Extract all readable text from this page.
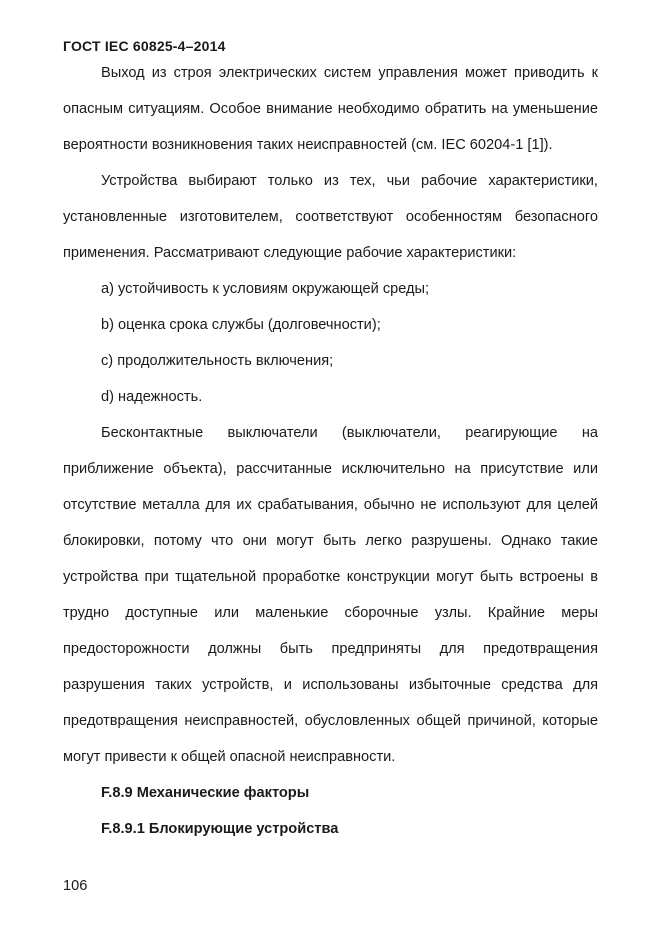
ГОСТ IEC 60825-4–2014

Выход из строя электрических систем управления может приводить к опасным ситуациям. Особое внимание необходимо обратить на уменьшение вероятности возникновения таких неисправностей (см. IEC 60204-1 [1]).

Устройства выбирают только из тех, чьи рабочие характеристики, установленные изготовителем, соответствуют особенностям безопасного применения. Рассматривают следующие рабочие характеристики:

a) устойчивость к условиям окружающей среды;

b) оценка срока службы (долговечности);

c) продолжительность включения;

d) надежность.

Бесконтактные выключатели (выключатели, реагирующие на приближение объекта), рассчитанные исключительно на присутствие или отсутствие металла для их срабатывания, обычно не используют для целей блокировки, потому что они могут быть легко разрушены. Однако такие устройства при тщательной проработке конструкции могут быть встроены в трудно доступные или маленькие сборочные узлы. Крайние меры предосторожности должны быть предприняты для предотвращения разрушения таких устройств, и использованы избыточные средства для предотвращения неисправностей, обусловленных общей причиной, которые могут привести к общей опасной неисправности.

F.8.9 Механические факторы

F.8.9.1 Блокирующие устройства

106
